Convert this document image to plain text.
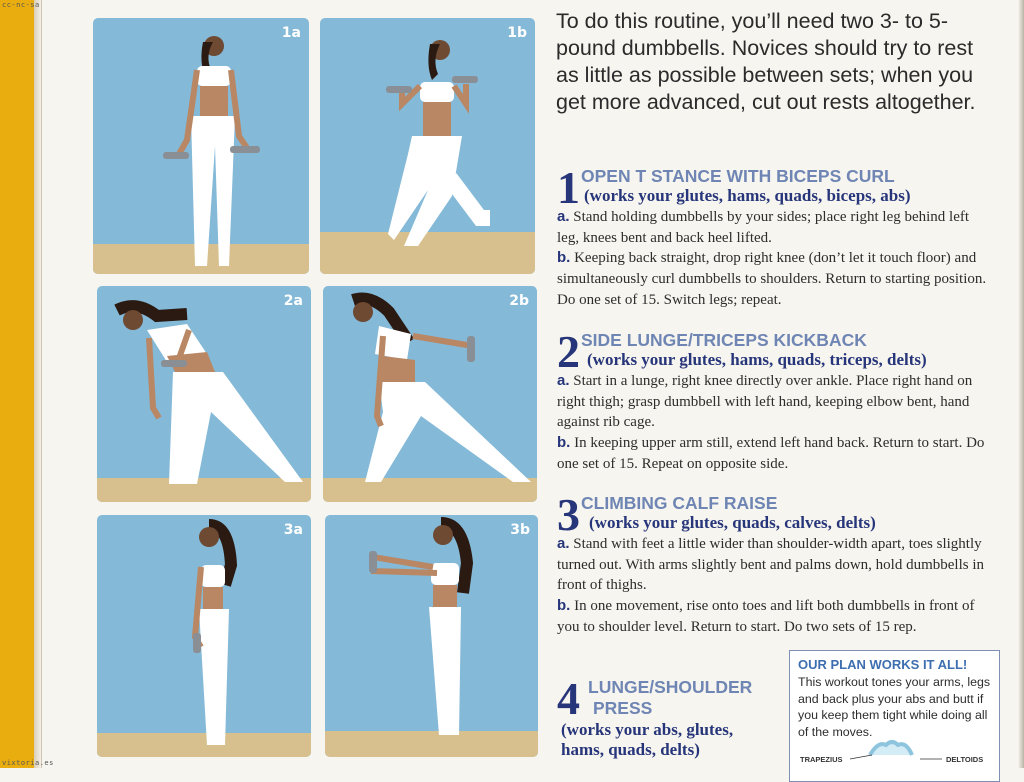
cc-nc-sa
vixtoria.es
1a	1b
2a	2b
3a	3b
To do this routine, you’ll need two 3- to 5-pound dumbbells. Novices should try to rest as little as possible between sets; when you get more advanced, cut out rests altogether.
1 OPEN T STANCE WITH BICEPS CURL
(works your glutes, hams, quads, biceps, abs)
a. Stand holding dumbbells by your sides; place right leg behind left leg, knees bent and back heel lifted.
b. Keeping back straight, drop right knee (don’t let it touch floor) and simultaneously curl dumbbells to shoulders. Return to starting position. Do one set of 15. Switch legs; repeat.
2 SIDE LUNGE/TRICEPS KICKBACK
(works your glutes, hams, quads, triceps, delts)
a. Start in a lunge, right knee directly over ankle. Place right hand on right thigh; grasp dumbbell with left hand, keeping elbow bent, hand against rib cage.
b. In keeping upper arm still, extend left hand back. Return to start. Do one set of 15. Repeat on opposite side.
3 CLIMBING CALF RAISE
(works your glutes, quads, calves, delts)
a. Stand with feet a little wider than shoulder-width apart, toes slightly turned out. With arms slightly bent and palms down, hold dumbbells in front of thighs.
b. In one movement, rise onto toes and lift both dumbbells in front of you to shoulder level. Return to start. Do two sets of 15 rep.
4 LUNGE/SHOULDER
PRESS
(works your abs, glutes,
hams, quads, delts)
OUR PLAN WORKS IT ALL!
This workout tones your arms, legs and back plus your abs and butt if you keep them tight while doing all of the moves.
TRAPEZIUS	DELTOIDS
